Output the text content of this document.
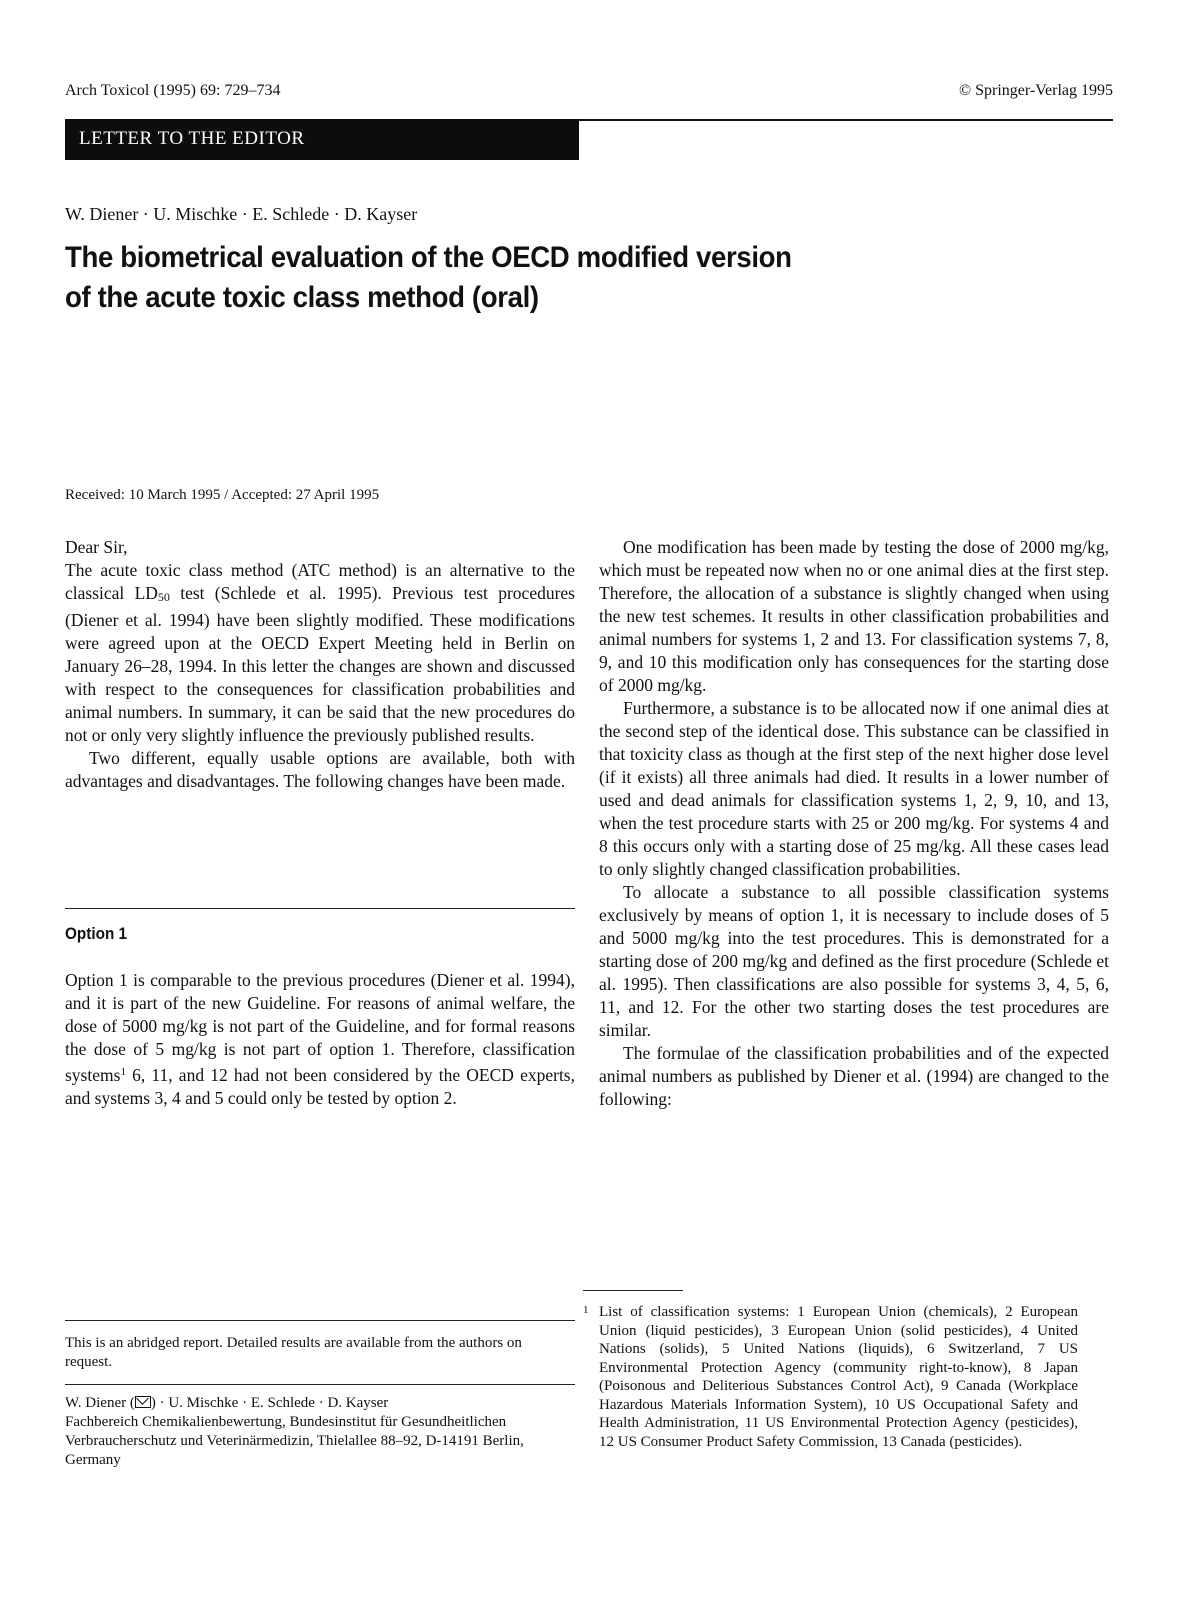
Arch Toxicol (1995) 69: 729–734	© Springer-Verlag 1995
LETTER TO THE EDITOR
W. Diener · U. Mischke · E. Schlede · D. Kayser
The biometrical evaluation of the OECD modified version
of the acute toxic class method (oral)
Received: 10 March 1995 / Accepted: 27 April 1995

Dear Sir,

The acute toxic class method (ATC method) is an alternative to the classical $LD_{50}$ test (Schlede et al. 1995). Previous test procedures (Diener et al. 1994) have been slightly modified. These modifications were agreed upon at the OECD Expert Meeting held in Berlin on January 26–28, 1994. In this letter the changes are shown and discussed with respect to the consequences for classification probabilities and animal numbers. In summary, it can be said that the new procedures do not or only very slightly influence the previously published results.

Two different, equally usable options are available, both with advantages and disadvantages. The following changes have been made.

Option 1

Option 1 is comparable to the previous procedures (Diener et al. 1994), and it is part of the new Guideline. For reasons of animal welfare, the dose of 5000 mg/kg is not part of the Guideline, and for formal reasons the dose of 5 mg/kg is not part of option 1. Therefore, classification systems$^1$ 6, 11, and 12 had not been considered by the OECD experts, and systems 3, 4 and 5 could only be tested by option 2.

One modification has been made by testing the dose of 2000 mg/kg, which must be repeated now when no or one animal dies at the first step. Therefore, the allocation of a substance is slightly changed when using the new test schemes. It results in other classification probabilities and animal numbers for systems 1, 2 and 13. For classification systems 7, 8, 9, and 10 this modification only has consequences for the starting dose of 2000 mg/kg.

Furthermore, a substance is to be allocated now if one animal dies at the second step of the identical dose. This substance can be classified in that toxicity class as though at the first step of the next higher dose level (if it exists) all three animals had died. It results in a lower number of used and dead animals for classification systems 1, 2, 9, 10, and 13, when the test procedure starts with 25 or 200 mg/kg. For systems 4 and 8 this occurs only with a starting dose of 25 mg/kg. All these cases lead to only slightly changed classification probabilities.

To allocate a substance to all possible classification systems exclusively by means of option 1, it is necessary to include doses of 5 and 5000 mg/kg into the test procedures. This is demonstrated for a starting dose of 200 mg/kg and defined as the first procedure (Schlede et al. 1995). Then classifications are also possible for systems 3, 4, 5, 6, 11, and 12. For the other two starting doses the test procedures are similar.

The formulae of the classification probabilities and of the expected animal numbers as published by Diener et al. (1994) are changed to the following:

This is an abridged report. Detailed results are available from the authors on request.
W. Diener ( ) · U. Mischke · E. Schlede · D. Kayser
Fachbereich Chemikalienbewertung, Bundesinstitut für Gesundheitlichen Verbraucherschutz und Veterinärmedizin, Thielallee 88–92, D-14191 Berlin, Germany
1 List of classification systems: 1 European Union (chemicals), 2 European Union (liquid pesticides), 3 European Union (solid pesticides), 4 United Nations (solids), 5 United Nations (liquids), 6 Switzerland, 7 US Environmental Protection Agency (community right-to-know), 8 Japan (Poisonous and Deliterious Substances Control Act), 9 Canada (Workplace Hazardous Materials Information System), 10 US Occupational Safety and Health Administration, 11 US Environmental Protection Agency (pesticides), 12 US Consumer Product Safety Commission, 13 Canada (pesticides).
